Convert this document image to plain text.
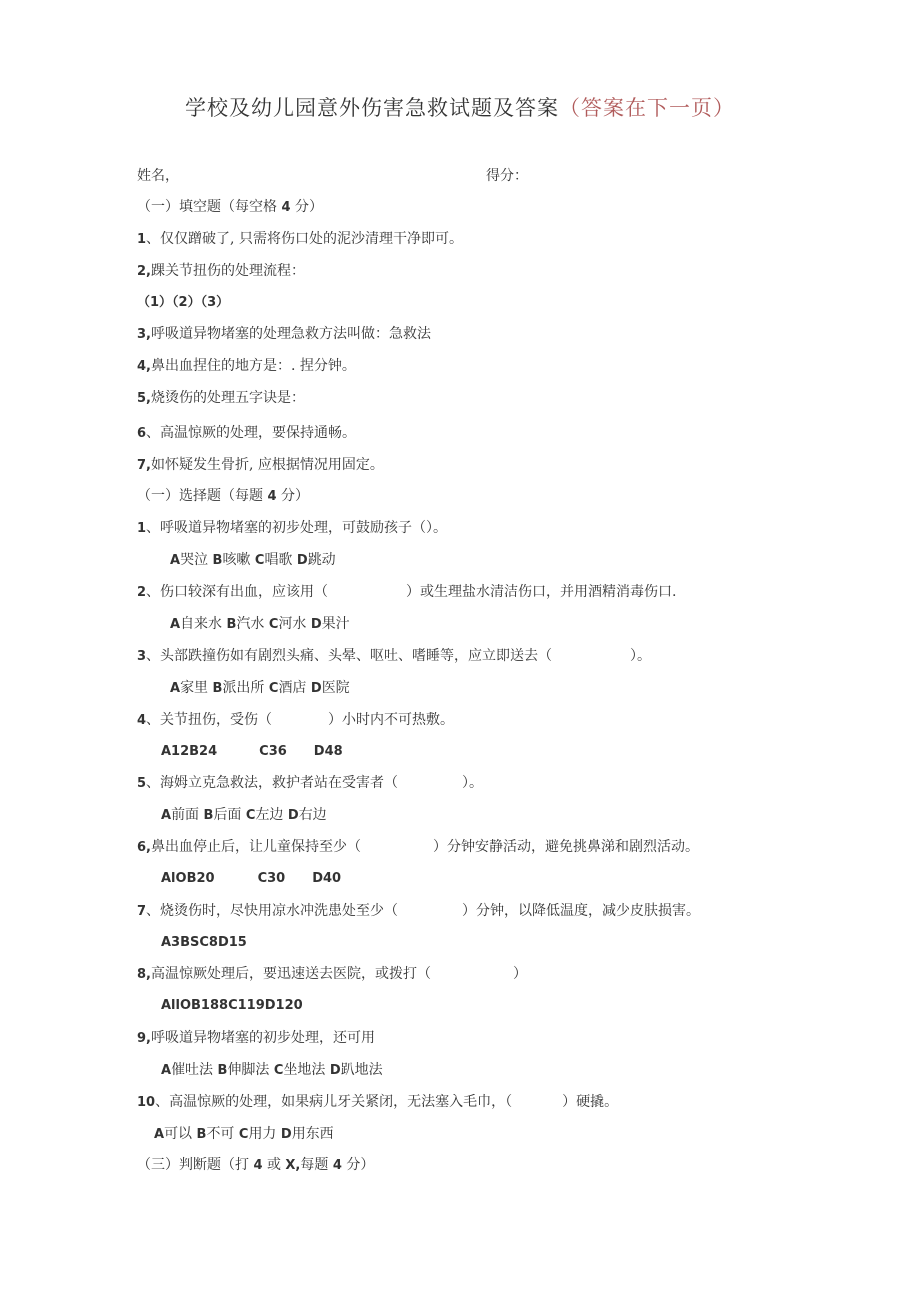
学校及幼儿园意外伤害急救试题及答案（答案在下一页）
姓名，	得分：
（一）填空题（每空格 4 分）
1、仅仅蹭破了, 只需将伤口处的泥沙清理干净即可。
2,踝关节扭伤的处理流程：
（1）（2）（3）
3,呼吸道异物堵塞的处理急救方法叫做：急救法
4,鼻出血捏住的地方是：. 捏分钟。
5,烧烫伤的处理五字诀是：
6、高温惊厥的处理，要保持通畅。
7,如怀疑发生骨折, 应根据情况用固定。
（一）选择题（每题 4 分）
1、呼吸道异物堵塞的初步处理，可鼓励孩子（）。
A哭泣 B咳嗽 C唱歌 D跳动
2、伤口较深有出血，应该用（	）或生理盐水清洁伤口，并用酒精消毒伤口.
A自来水 B汽水 C河水 D果汁
3、头部跌撞伤如有剧烈头痛、头晕、呕吐、嗜睡等，应立即送去（	）。
A家里 B派出所 C酒店 D医院
4、关节扭伤，受伤（	）小时内不可热敷。
A12B24	C36 D48
5、海姆立克急救法，救护者站在受害者（	）。
A前面 B后面 C左边 D右边
6,鼻出血停止后，让儿童保持至少（	）分钟安静活动，避免挑鼻涕和剧烈活动。
AlOB20	C30 D40
7、烧烫伤时，尽快用凉水冲洗患处至少（	）分钟，以降低温度，减少皮肤损害。
A3BSC8D15
8,高温惊厥处理后，要迅速送去医院，或拨打（	）
AllOB188C119D120
9,呼吸道异物堵塞的初步处理，还可用
A催吐法 B伸脚法 C坐地法 D趴地法
10、高温惊厥的处理，如果病儿牙关紧闭，无法塞入毛巾，（	）硬撬。
A可以 B不可 C用力 D用东西
（三）判断题（打 4 或 X,每题 4 分）
